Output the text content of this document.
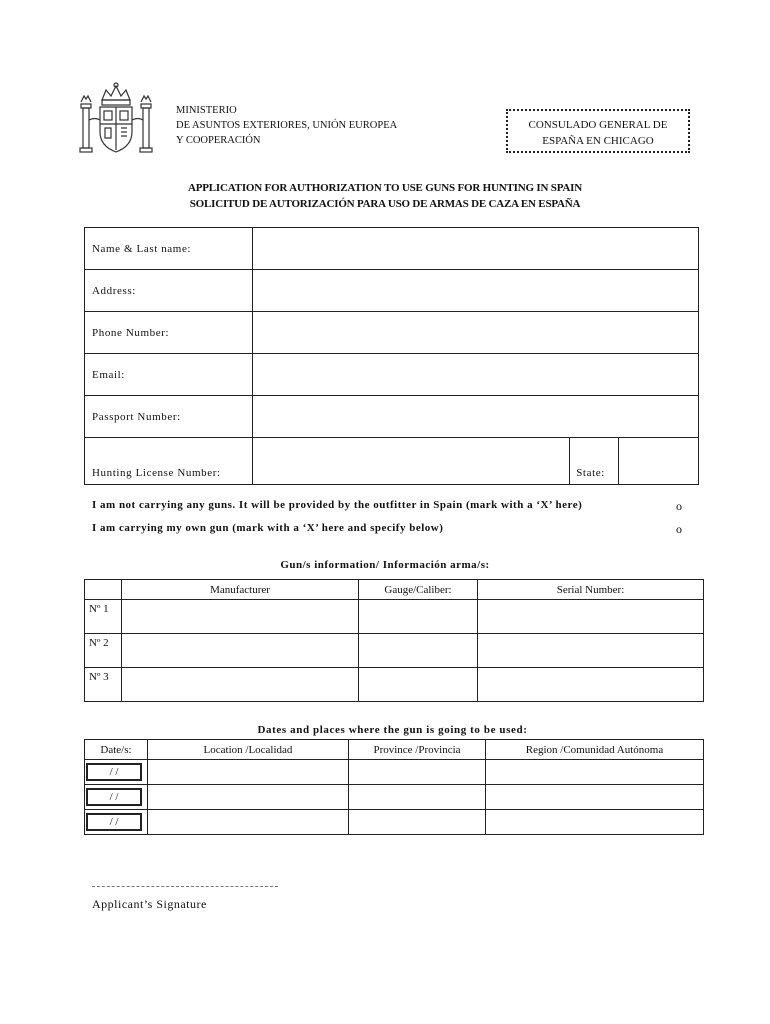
MINISTERIO
DE ASUNTOS EXTERIORES, UNIÓN EUROPEA
Y COOPERACIÓN
CONSULADO GENERAL DE
ESPAÑA EN CHICAGO
APPLICATION FOR AUTHORIZATION TO USE GUNS FOR HUNTING IN SPAIN
SOLICITUD DE AUTORIZACIÓN PARA USO DE ARMAS DE CAZA EN ESPAÑA
Name & Last name:			
Address:			
Phone Number:			
Email:			
Passport Number:			
Hunting License Number:		State:	
I am not carrying any guns. It will be provided by the outfitter in Spain (mark with a ‘X’ here)	o
I am carrying my own gun (mark with a ‘X’ here and specify below)	o
Gun/s information/ Información arma/s:
	Manufacturer	Gauge/Caliber:	Serial Number:
Nº 1			
Nº 2			
Nº 3			
Dates and places where the gun is going to be used:
Date/s:	Location /Localidad	Province /Provincia	Region /Comunidad Autónoma
/ /			
/ /			
/ /			
Applicant’s Signature
